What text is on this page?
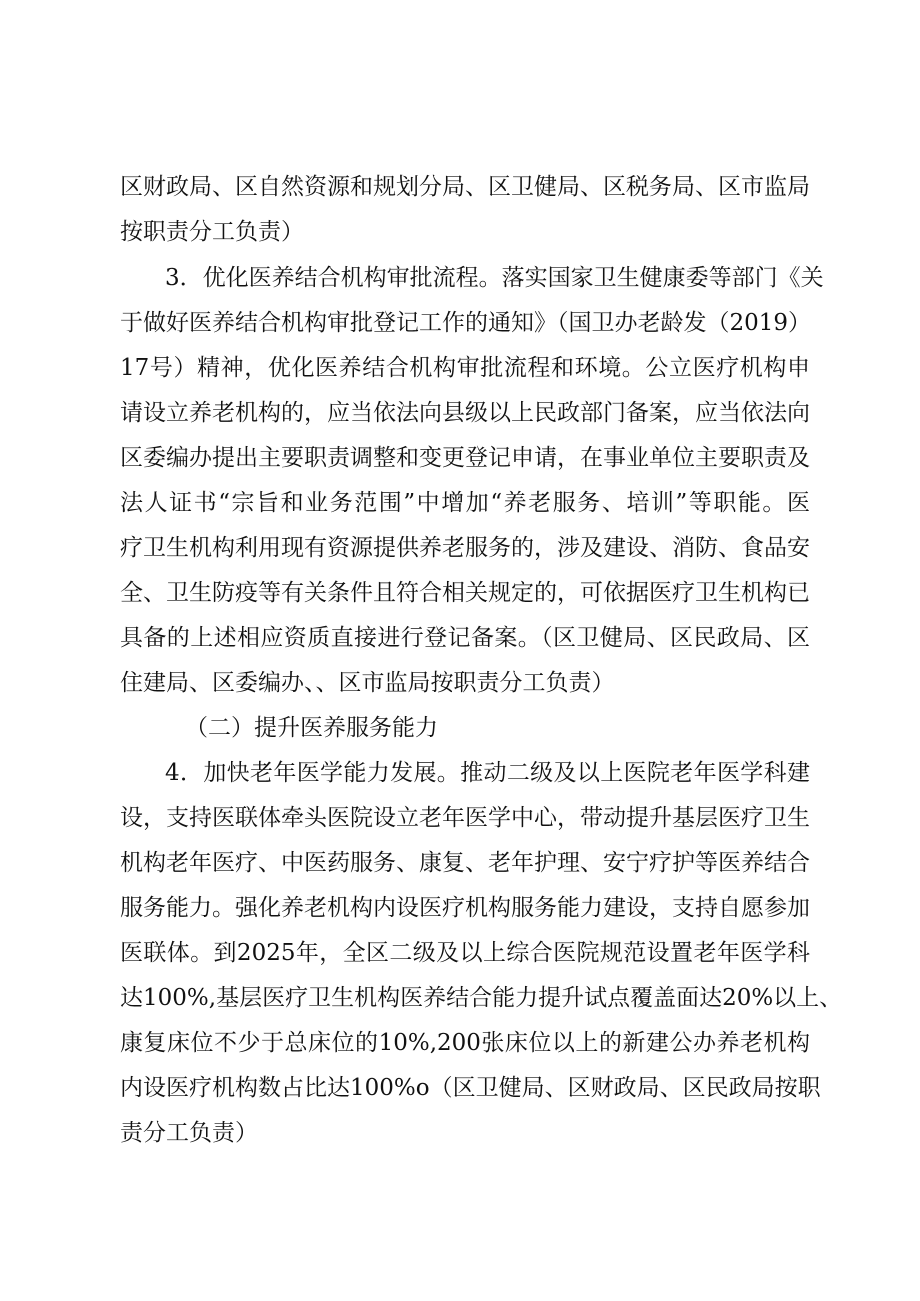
区财政局、区自然资源和规划分局、区卫健局、区税务局、区市监局
按职责分工负责）
3．优化医养结合机构审批流程。落实国家卫生健康委等部门《关
于做好医养结合机构审批登记工作的通知》（国卫办老龄发（2019）
17号）精神，优化医养结合机构审批流程和环境。公立医疗机构申
请设立养老机构的，应当依法向县级以上民政部门备案，应当依法向
区委编办提出主要职责调整和变更登记申请，在事业单位主要职责及
法人证书“宗旨和业务范围”中增加“养老服务、培训”等职能。医
疗卫生机构利用现有资源提供养老服务的，涉及建设、消防、食品安
全、卫生防疫等有关条件且符合相关规定的，可依据医疗卫生机构已
具备的上述相应资质直接进行登记备案。（区卫健局、区民政局、区
住建局、区委编办、、区市监局按职责分工负责）
（二）提升医养服务能力
4．加快老年医学能力发展。推动二级及以上医院老年医学科建
设，支持医联体牵头医院设立老年医学中心，带动提升基层医疗卫生
机构老年医疗、中医药服务、康复、老年护理、安宁疗护等医养结合
服务能力。强化养老机构内设医疗机构服务能力建设，支持自愿参加
医联体。到2025年，全区二级及以上综合医院规范设置老年医学科
达100%,基层医疗卫生机构医养结合能力提升试点覆盖面达20%以上、
康复床位不少于总床位的10%,200张床位以上的新建公办养老机构
内设医疗机构数占比达100%o（区卫健局、区财政局、区民政局按职
责分工负责）
